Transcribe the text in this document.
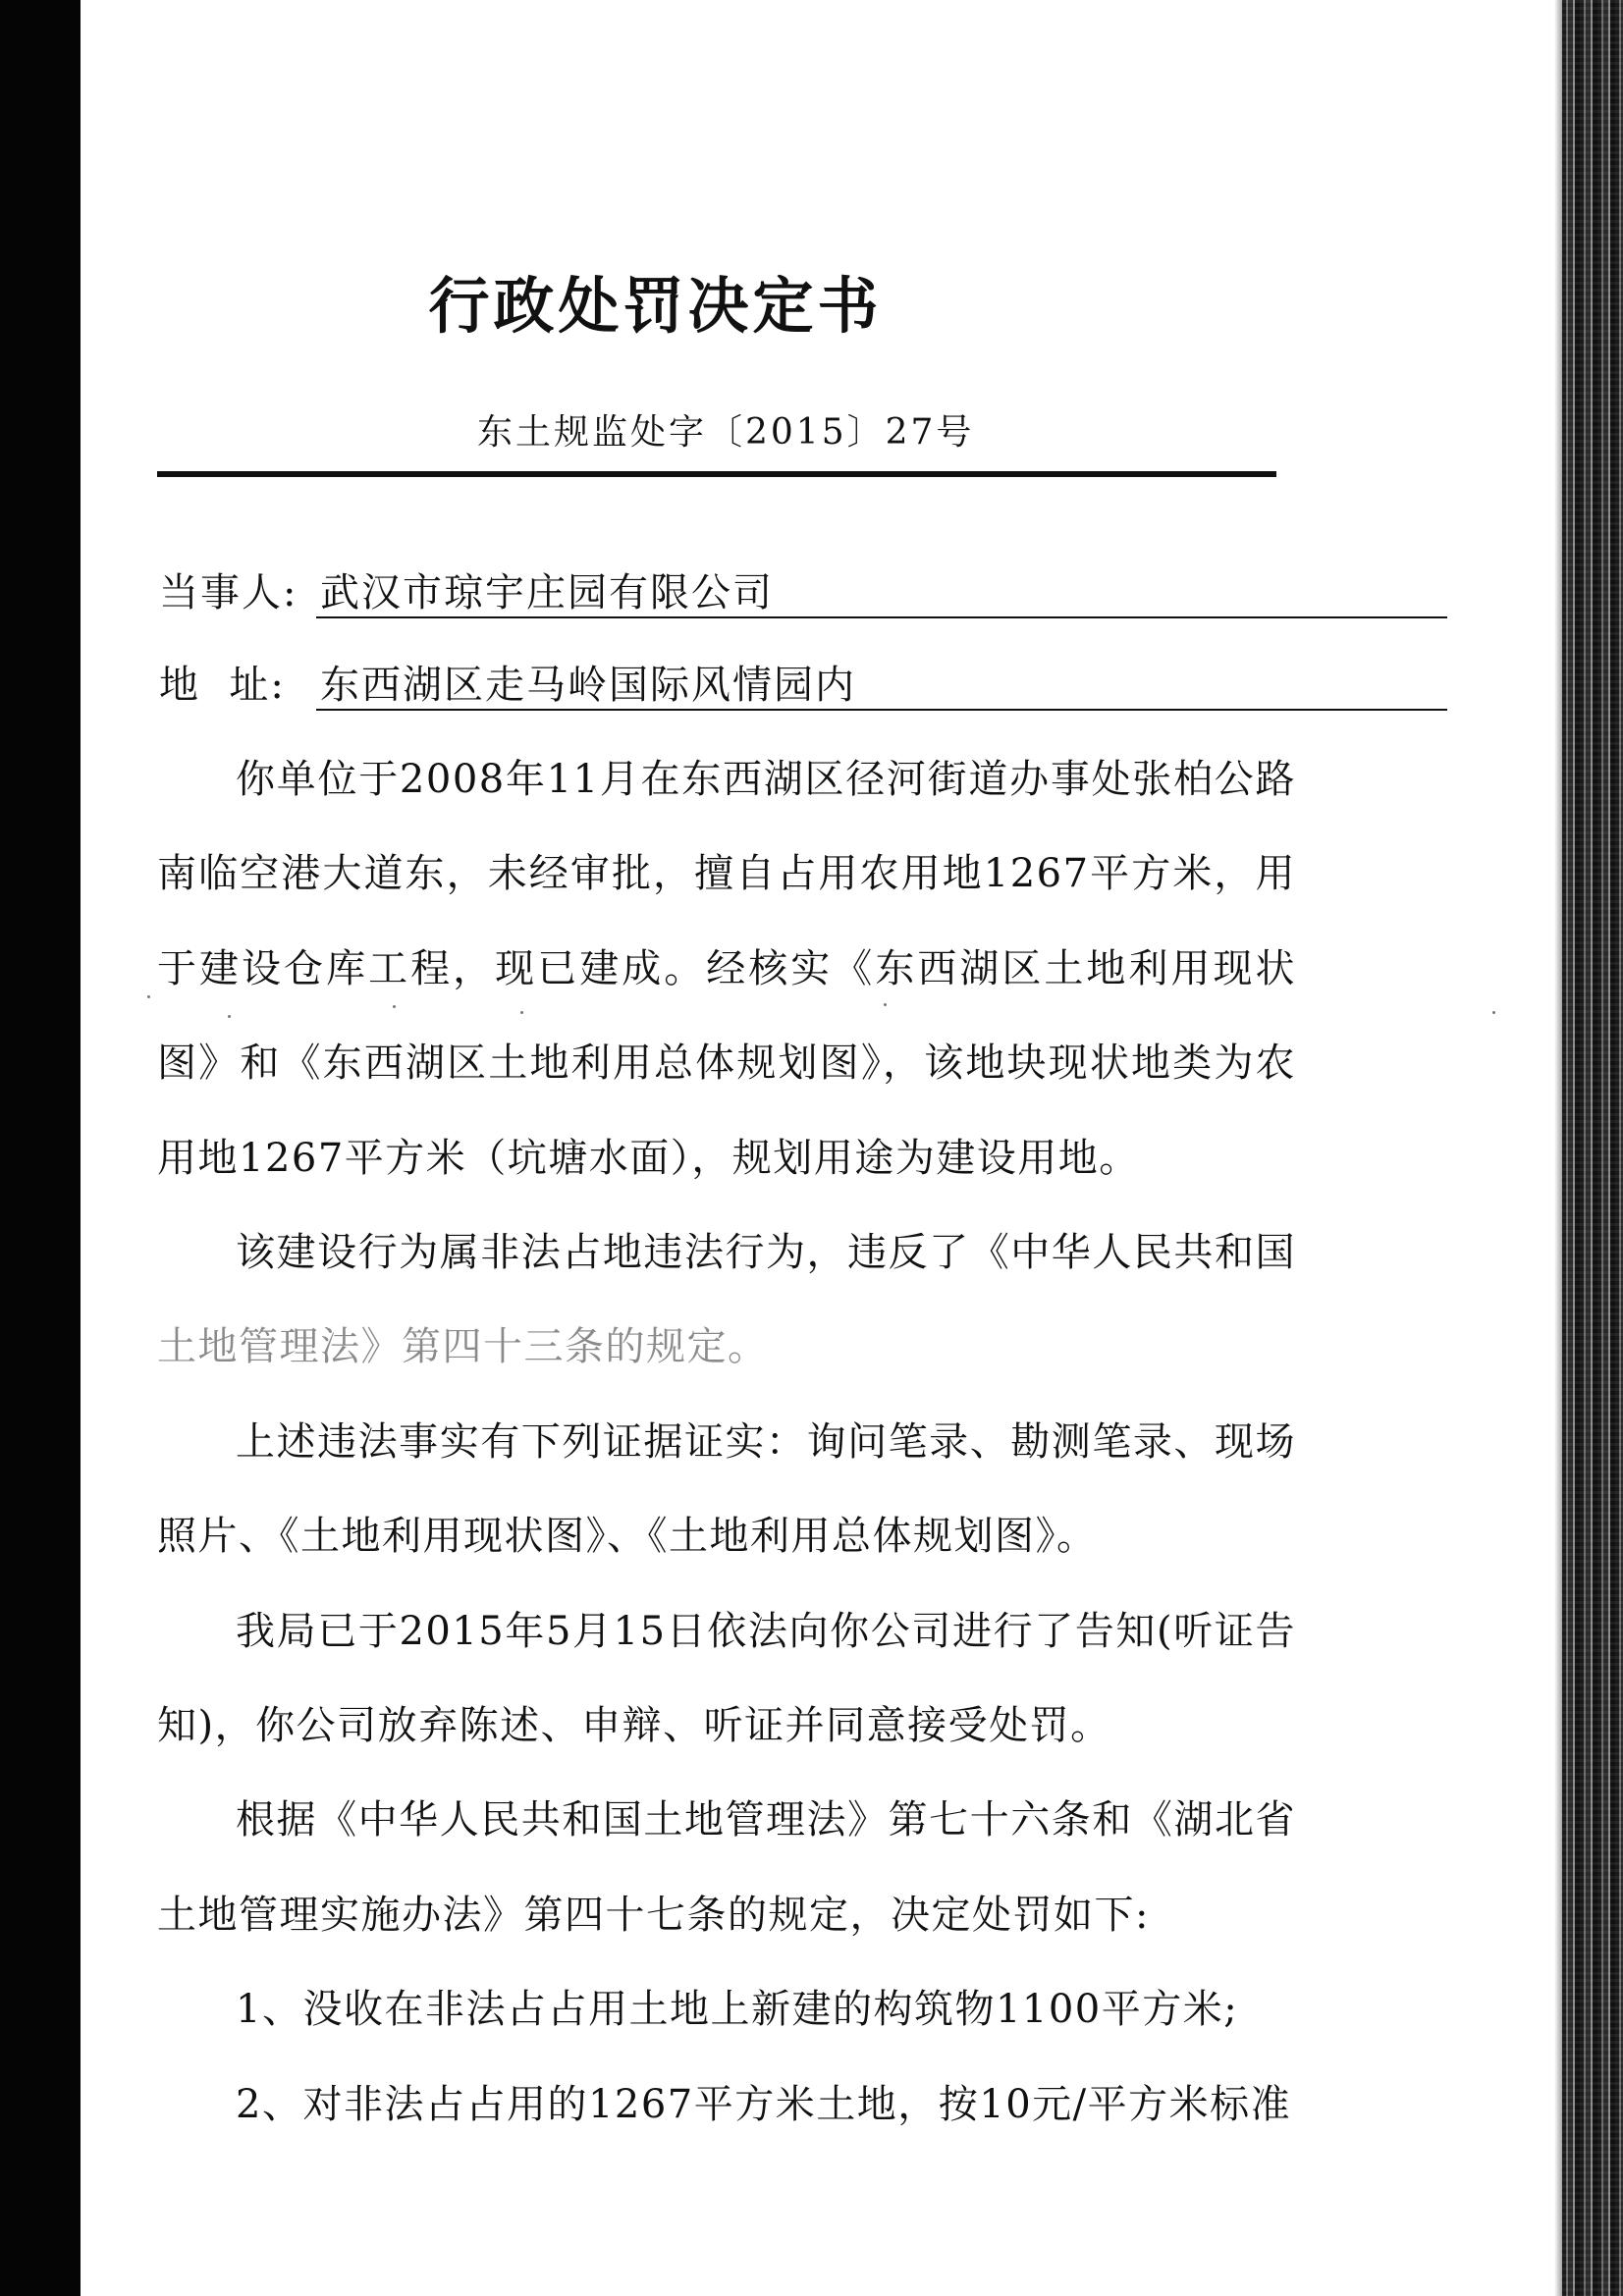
行政处罚决定书
东土规监处字〔2015〕27号
当事人: 武汉市琼宇庄园有限公司
地  址: 东西湖区走马岭国际风情园内

你单位于2008年11月在东西湖区径河街道办事处张柏公路南临空港大道东，未经审批，擅自占用农用地1267平方米，用于建设仓库工程，现已建成。经核实《东西湖区土地利用现状图》和《东西湖区土地利用总体规划图》，该地块现状地类为农用地1267平方米（坑塘水面），规划用途为建设用地。

该建设行为属非法占地违法行为，违反了《中华人民共和国土地管理法》第四十三条的规定。

上述违法事实有下列证据证实：询问笔录、勘测笔录、现场照片、《土地利用现状图》、《土地利用总体规划图》。

我局已于2015年5月15日依法向你公司进行了告知(听证告知)，你公司放弃陈述、申辩、听证并同意接受处罚。

根据《中华人民共和国土地管理法》第七十六条和《湖北省土地管理实施办法》第四十七条的规定，决定处罚如下:

1、没收在非法占占用土地上新建的构筑物1100平方米;

2、对非法占占用的1267平方米土地，按10元/平方米标准
